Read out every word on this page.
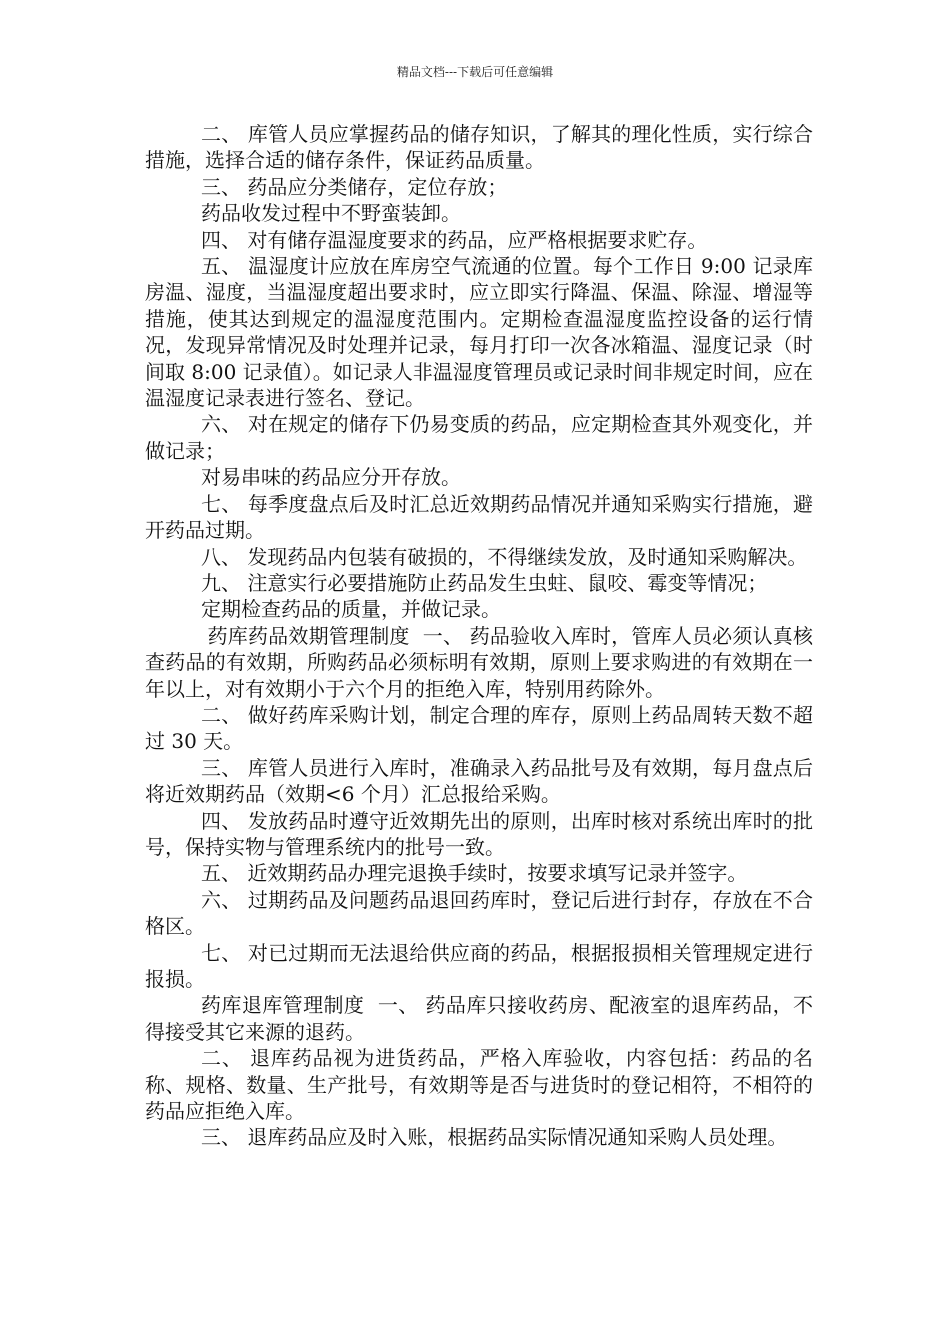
精品文档---下载后可任意编辑

二、 库管人员应掌握药品的储存知识，了解其的理化性质，实行综合措施，选择合适的储存条件，保证药品质量。

三、 药品应分类储存，定位存放；

药品收发过程中不野蛮装卸。

四、 对有储存温湿度要求的药品，应严格根据要求贮存。

五、 温湿度计应放在库房空气流通的位置。每个工作日 9:00 记录库房温、湿度，当温湿度超出要求时，应立即实行降温、保温、除湿、增湿等措施，使其达到规定的温湿度范围内。定期检查温湿度监控设备的运行情况，发现异常情况及时处理并记录，每月打印一次各冰箱温、湿度记录（时间取 8:00 记录值）。如记录人非温湿度管理员或记录时间非规定时间，应在温湿度记录表进行签名、登记。

六、 对在规定的储存下仍易变质的药品，应定期检查其外观变化，并做记录；

对易串味的药品应分开存放。

七、 每季度盘点后及时汇总近效期药品情况并通知采购实行措施，避开药品过期。

八、 发现药品内包装有破损的，不得继续发放，及时通知采购解决。

九、 注意实行必要措施防止药品发生虫蛀、鼠咬、霉变等情况；

定期检查药品的质量，并做记录。

药库药品效期管理制度  一、 药品验收入库时，管库人员必须认真核查药品的有效期，所购药品必须标明有效期，原则上要求购进的有效期在一年以上，对有效期小于六个月的拒绝入库，特别用药除外。

二、 做好药库采购计划，制定合理的库存，原则上药品周转天数不超过 30 天。

三、 库管人员进行入库时，准确录入药品批号及有效期，每月盘点后将近效期药品（效期<6 个月）汇总报给采购。

四、 发放药品时遵守近效期先出的原则，出库时核对系统出库时的批号，保持实物与管理系统内的批号一致。

五、 近效期药品办理完退换手续时，按要求填写记录并签字。

六、 过期药品及问题药品退回药库时，登记后进行封存，存放在不合格区。

七、 对已过期而无法退给供应商的药品，根据报损相关管理规定进行报损。

药库退库管理制度  一、 药品库只接收药房、配液室的退库药品，不得接受其它来源的退药。

二、 退库药品视为进货药品，严格入库验收，内容包括：药品的名称、规格、数量、生产批号，有效期等是否与进货时的登记相符，不相符的药品应拒绝入库。

三、 退库药品应及时入账，根据药品实际情况通知采购人员处理。
